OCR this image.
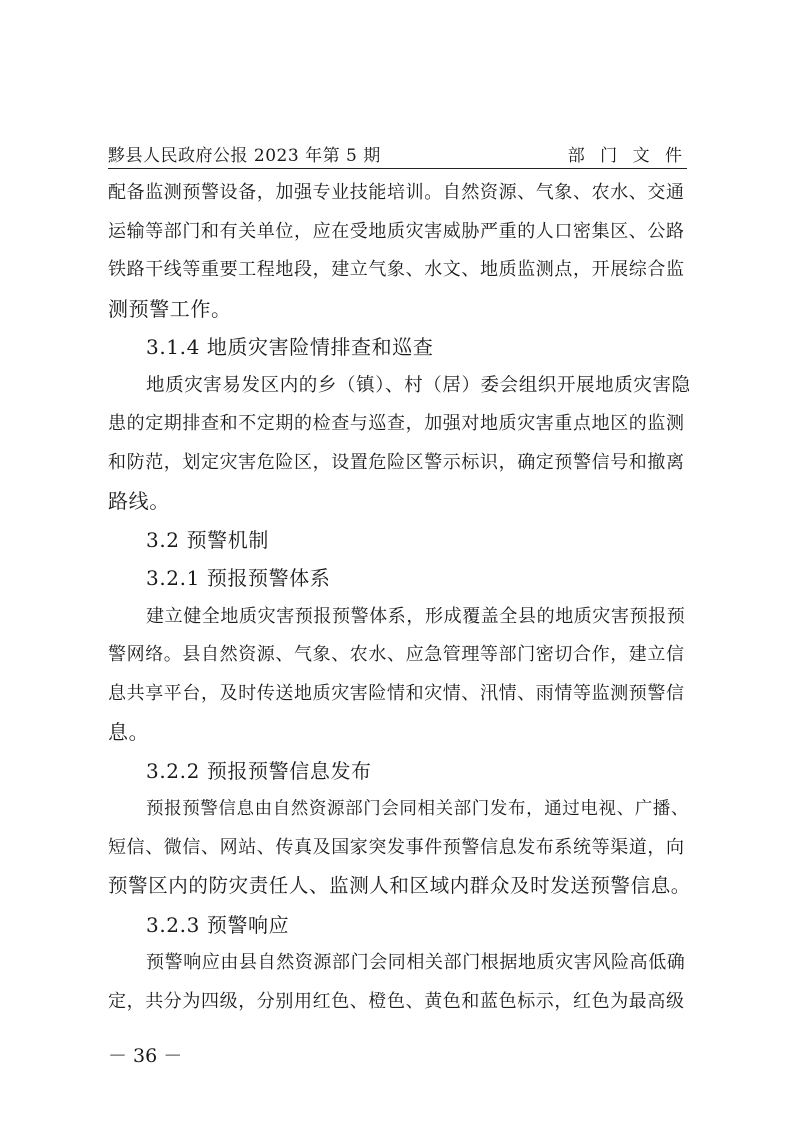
黟县人民政府公报 2023 年第 5 期	部 门 文 件
配备监测预警设备，加强专业技能培训。自然资源、气象、农水、交通
运输等部门和有关单位，应在受地质灾害威胁严重的人口密集区、公路
铁路干线等重要工程地段，建立气象、水文、地质监测点，开展综合监
测预警工作。
3.1.4 地质灾害险情排查和巡查
地质灾害易发区内的乡（镇）、村（居）委会组织开展地质灾害隐
患的定期排查和不定期的检查与巡查，加强对地质灾害重点地区的监测
和防范，划定灾害危险区，设置危险区警示标识，确定预警信号和撤离
路线。
3.2 预警机制
3.2.1 预报预警体系
建立健全地质灾害预报预警体系，形成覆盖全县的地质灾害预报预
警网络。县自然资源、气象、农水、应急管理等部门密切合作，建立信
息共享平台，及时传送地质灾害险情和灾情、汛情、雨情等监测预警信
息。
3.2.2 预报预警信息发布
预报预警信息由自然资源部门会同相关部门发布，通过电视、广播、
短信、微信、网站、传真及国家突发事件预警信息发布系统等渠道，向
预警区内的防灾责任人、监测人和区域内群众及时发送预警信息。
3.2.3 预警响应
预警响应由县自然资源部门会同相关部门根据地质灾害风险高低确
定，共分为四级，分别用红色、橙色、黄色和蓝色标示，红色为最高级
－ 36 －
